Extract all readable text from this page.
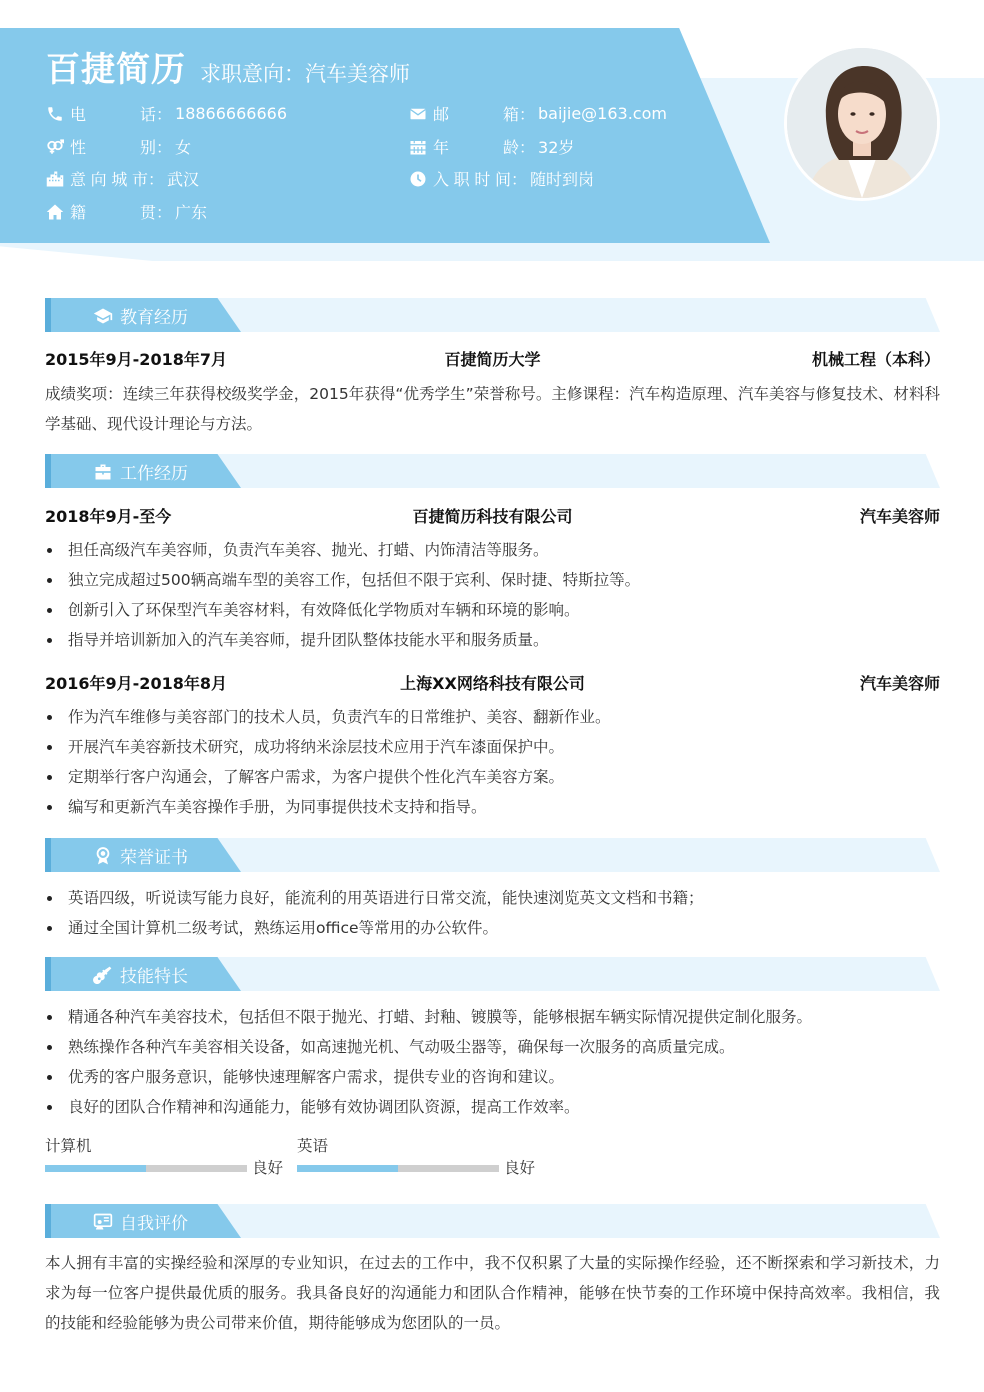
百捷简历 求职意向：汽车美容师
电　　话 ： 18866666666	邮　　箱 ： baijie@163.com
性　　别 ： 女	年　　龄 ： 32岁
意向城市 ： 武汉	入职时间 ： 随时到岗
籍　　贯 ： 广东
教育经历
2015年9月-2018年7月	百捷简历大学	机械工程（本科）
成绩奖项：连续三年获得校级奖学金，2015年获得“优秀学生”荣誉称号。主修课程：汽车构造原理、汽车美容与修复技术、材料科学基础、现代设计理论与方法。
工作经历
2018年9月-至今	百捷简历科技有限公司	汽车美容师
担任高级汽车美容师，负责汽车美容、抛光、打蜡、内饰清洁等服务。
独立完成超过500辆高端车型的美容工作，包括但不限于宾利、保时捷、特斯拉等。
创新引入了环保型汽车美容材料，有效降低化学物质对车辆和环境的影响。
指导并培训新加入的汽车美容师，提升团队整体技能水平和服务质量。
2016年9月-2018年8月	上海XX网络科技有限公司	汽车美容师
作为汽车维修与美容部门的技术人员，负责汽车的日常维护、美容、翻新作业。
开展汽车美容新技术研究，成功将纳米涂层技术应用于汽车漆面保护中。
定期举行客户沟通会，了解客户需求，为客户提供个性化汽车美容方案。
编写和更新汽车美容操作手册，为同事提供技术支持和指导。
荣誉证书
英语四级，听说读写能力良好，能流利的用英语进行日常交流，能快速浏览英文文档和书籍；
通过全国计算机二级考试，熟练运用office等常用的办公软件。
技能特长
精通各种汽车美容技术，包括但不限于抛光、打蜡、封釉、镀膜等，能够根据车辆实际情况提供定制化服务。
熟练操作各种汽车美容相关设备，如高速抛光机、气动吸尘器等，确保每一次服务的高质量完成。
优秀的客户服务意识，能够快速理解客户需求，提供专业的咨询和建议。
良好的团队合作精神和沟通能力，能够有效协调团队资源，提高工作效率。
计算机
良好
英语
良好
自我评价
本人拥有丰富的实操经验和深厚的专业知识，在过去的工作中，我不仅积累了大量的实际操作经验，还不断探索和学习新技术，力求为每一位客户提供最优质的服务。我具备良好的沟通能力和团队合作精神，能够在快节奏的工作环境中保持高效率。我相信，我的技能和经验能够为贵公司带来价值，期待能够成为您团队的一员。
